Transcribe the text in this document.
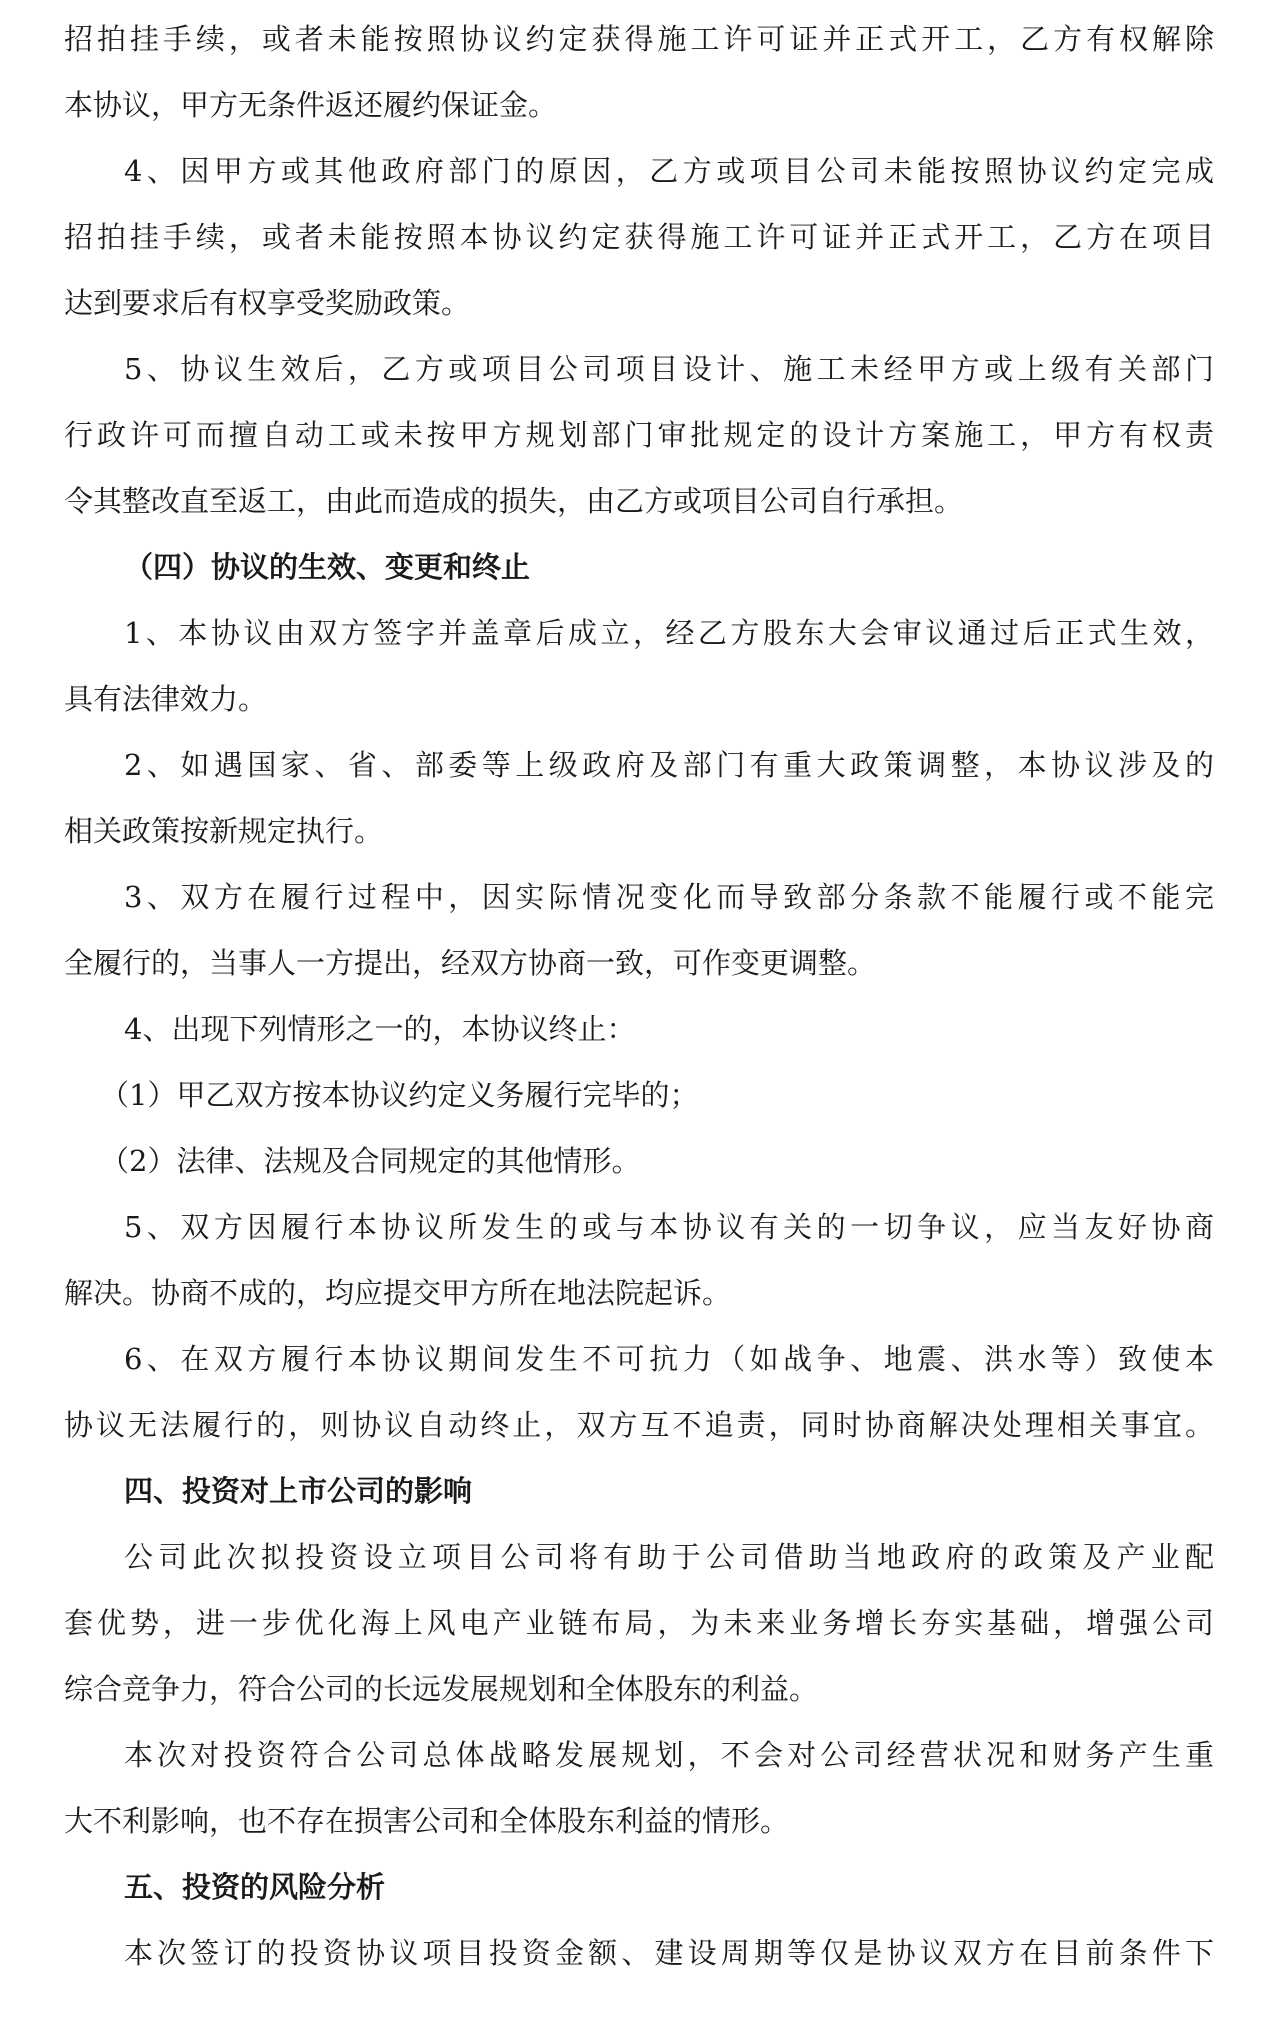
招拍挂手续，或者未能按照协议约定获得施工许可证并正式开工，乙方有权解除
本协议，甲方无条件返还履约保证金。
4、因甲方或其他政府部门的原因，乙方或项目公司未能按照协议约定完成
招拍挂手续，或者未能按照本协议约定获得施工许可证并正式开工，乙方在项目
达到要求后有权享受奖励政策。
5、协议生效后，乙方或项目公司项目设计、施工未经甲方或上级有关部门
行政许可而擅自动工或未按甲方规划部门审批规定的设计方案施工，甲方有权责
令其整改直至返工，由此而造成的损失，由乙方或项目公司自行承担。
（四）协议的生效、变更和终止
1、本协议由双方签字并盖章后成立，经乙方股东大会审议通过后正式生效，
具有法律效力。
2、如遇国家、省、部委等上级政府及部门有重大政策调整，本协议涉及的
相关政策按新规定执行。
3、双方在履行过程中，因实际情况变化而导致部分条款不能履行或不能完
全履行的，当事人一方提出，经双方协商一致，可作变更调整。
4、出现下列情形之一的，本协议终止：
（1）甲乙双方按本协议约定义务履行完毕的；
（2）法律、法规及合同规定的其他情形。
5、双方因履行本协议所发生的或与本协议有关的一切争议，应当友好协商
解决。协商不成的，均应提交甲方所在地法院起诉。
6、在双方履行本协议期间发生不可抗力（如战争、地震、洪水等）致使本
协议无法履行的，则协议自动终止，双方互不追责，同时协商解决处理相关事宜。
四、投资对上市公司的影响
公司此次拟投资设立项目公司将有助于公司借助当地政府的政策及产业配
套优势，进一步优化海上风电产业链布局，为未来业务增长夯实基础，增强公司
综合竞争力，符合公司的长远发展规划和全体股东的利益。
本次对投资符合公司总体战略发展规划，不会对公司经营状况和财务产生重
大不利影响，也不存在损害公司和全体股东利益的情形。
五、投资的风险分析
本次签订的投资协议项目投资金额、建设周期等仅是协议双方在目前条件下
